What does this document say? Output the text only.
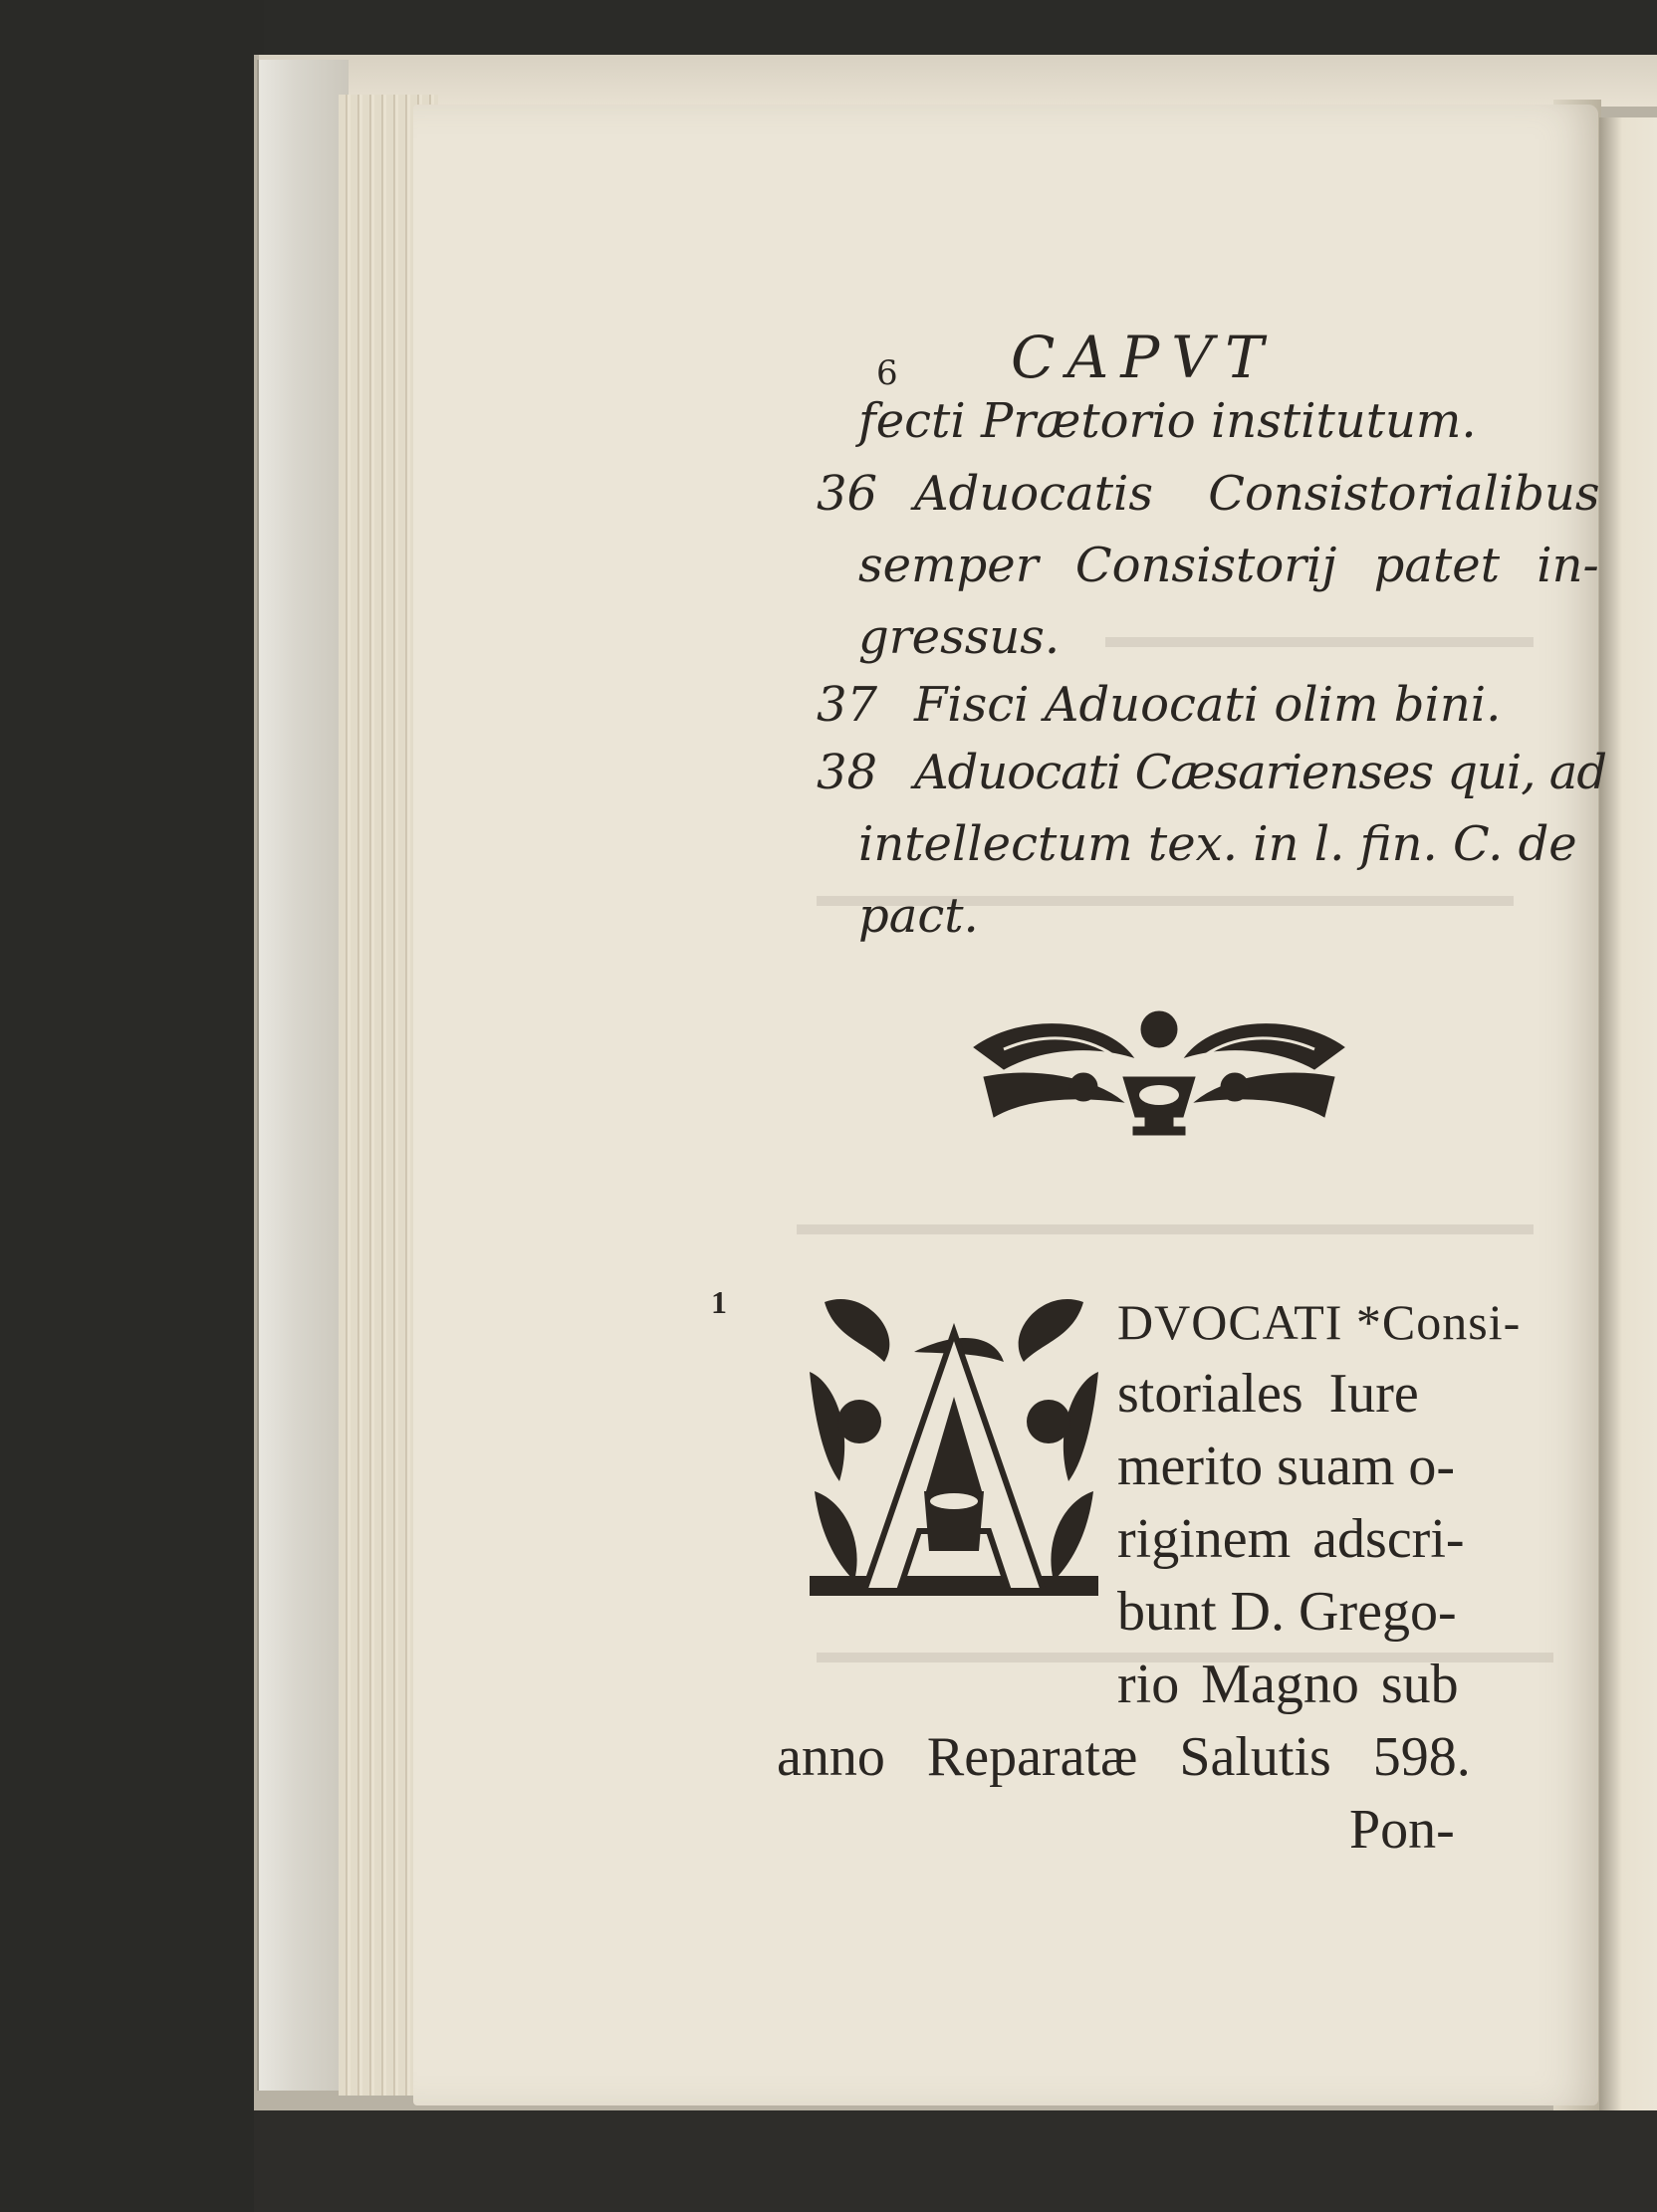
6 CAPVT
fecti Prætorio institutum.
36 Aduocatis Consistorialibus
semper Consistorij patet in-
gressus.
37 Fisci Aduocati olim bini.
38 Aduocati Cæsarienses qui, ad
intellectum tex. in l. fin. C. de
pact.
1	DVOCATI *Consi-
storiales Iure
merito suam o-
riginem adscri-
bunt D. Grego-
rio Magno sub
anno Reparatæ Salutis 598.
Pon-
